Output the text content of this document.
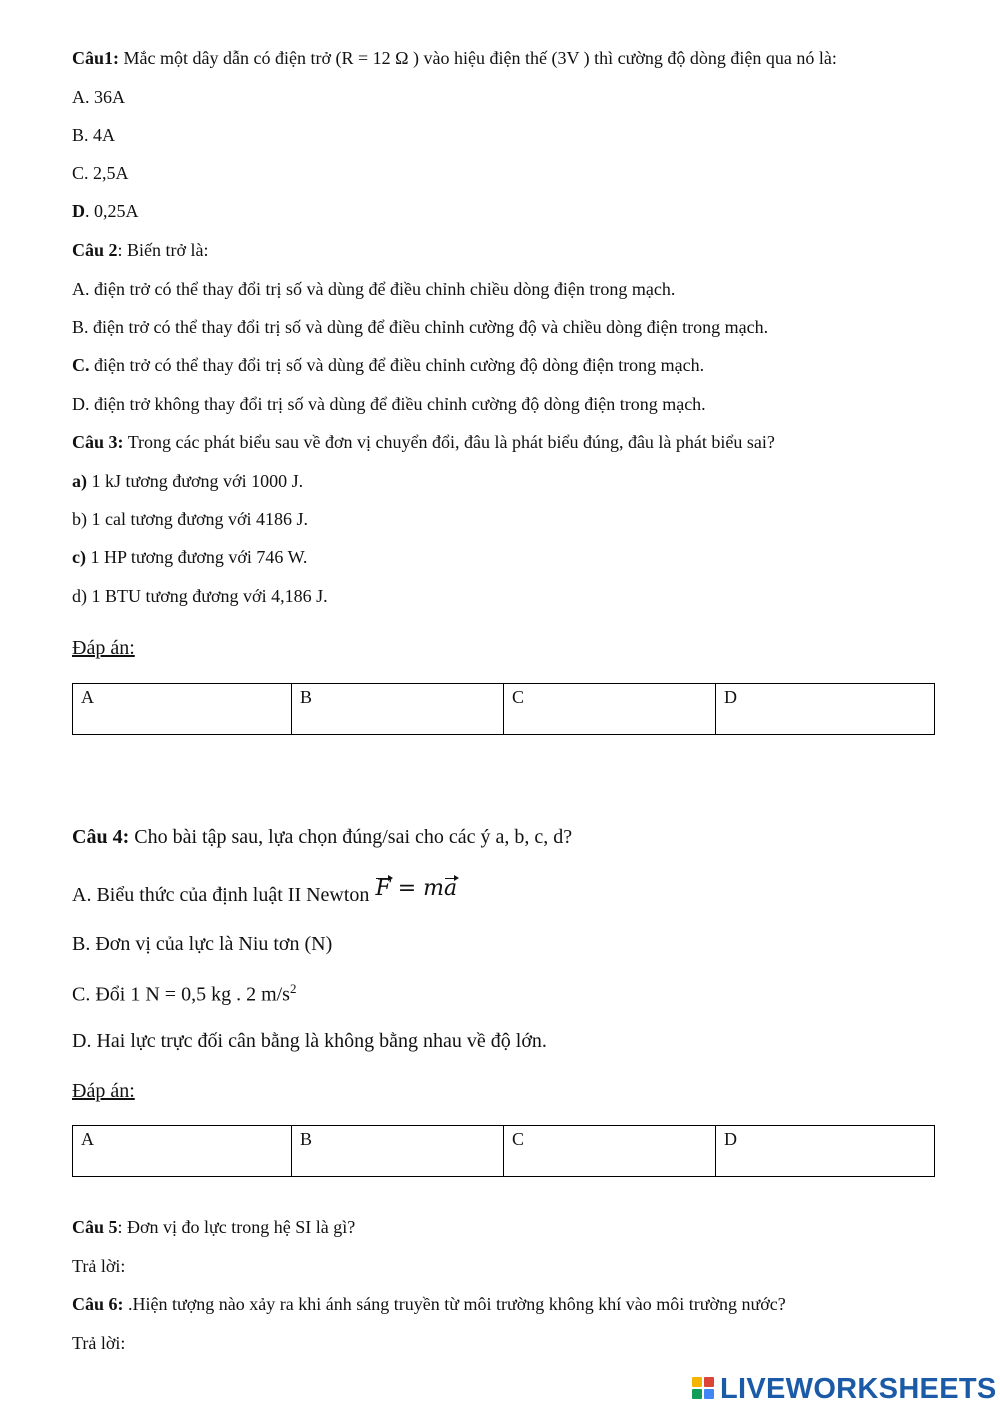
Câu1: Mắc một dây dẫn có điện trở (R = 12 Ω ) vào hiệu điện thế (3V ) thì cường độ dòng điện qua nó là:

A. 36A

B. 4A

C. 2,5A

D. 0,25A

Câu 2: Biến trở là:

A. điện trở có thể thay đổi trị số và dùng để điều chỉnh chiều dòng điện trong mạch.

B. điện trở có thể thay đổi trị số và dùng để điều chỉnh cường độ và chiều dòng điện trong mạch.

C. điện trở có thể thay đổi trị số và dùng để điều chỉnh cường độ dòng điện trong mạch.

D. điện trở không thay đổi trị số và dùng để điều chỉnh cường độ dòng điện trong mạch.

Câu 3: Trong các phát biểu sau về đơn vị chuyển đổi, đâu là phát biểu đúng, đâu là phát biểu sai?

a) 1 kJ tương đương với 1000 J.

b) 1 cal tương đương với 4186 J.

c) 1 HP tương đương với 746 W.

d) 1 BTU tương đương với 4,186 J.

Đáp án:

A	B	C	D

Câu 4: Cho bài tập sau, lựa chọn đúng/sai cho các ý a, b, c, d?

A. Biểu thức của định luật II Newton F = ma

B. Đơn vị của lực là Niu tơn (N)

C. Đổi 1 N = 0,5 kg . 2 $m/s^2$

D. Hai lực trực đối cân bằng là không bằng nhau về độ lớn.

Đáp án:

A	B	C	D

Câu 5: Đơn vị đo lực trong hệ SI là gì?

Trả lời:

Câu 6: .Hiện tượng nào xảy ra khi ánh sáng truyền từ môi trường không khí vào môi trường nước?

Trả lời:

LIVEWORKSHEETS
